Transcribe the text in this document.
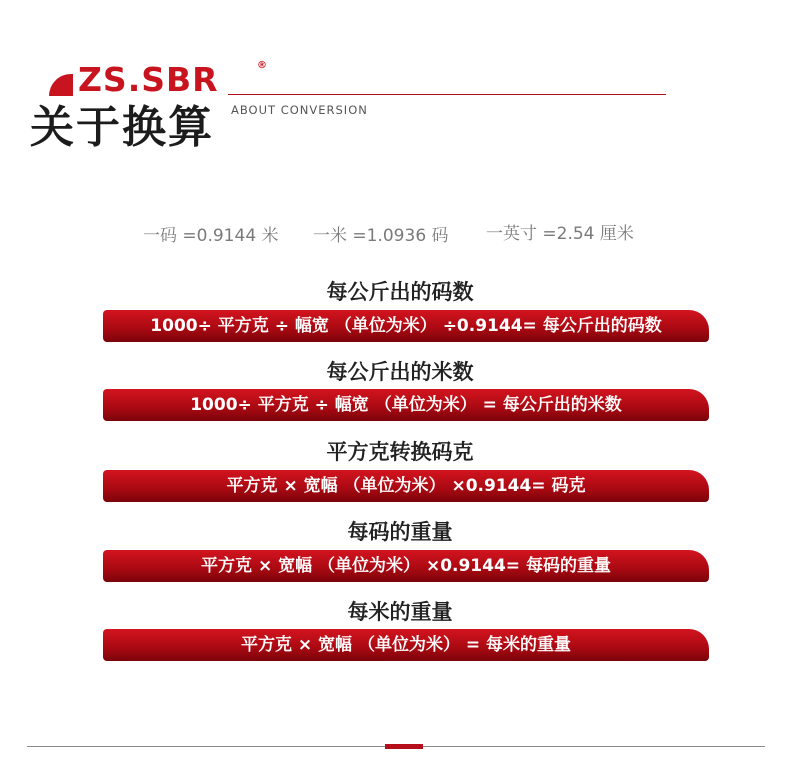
ZS.SBR	®
关于换算 ABOUT CONVERSION
一码 =0.9144 米 一米 =1.0936 码 一英寸 =2.54 厘米
每公斤出的码数
1000÷ 平方克 ÷ 幅宽 （单位为米） ÷0.9144= 每公斤出的码数
每公斤出的米数
1000÷ 平方克 ÷ 幅宽 （单位为米） = 每公斤出的米数
平方克转换码克
平方克 × 宽幅 （单位为米） ×0.9144= 码克
每码的重量
平方克 × 宽幅 （单位为米） ×0.9144= 每码的重量
每米的重量
平方克 × 宽幅 （单位为米） = 每米的重量
